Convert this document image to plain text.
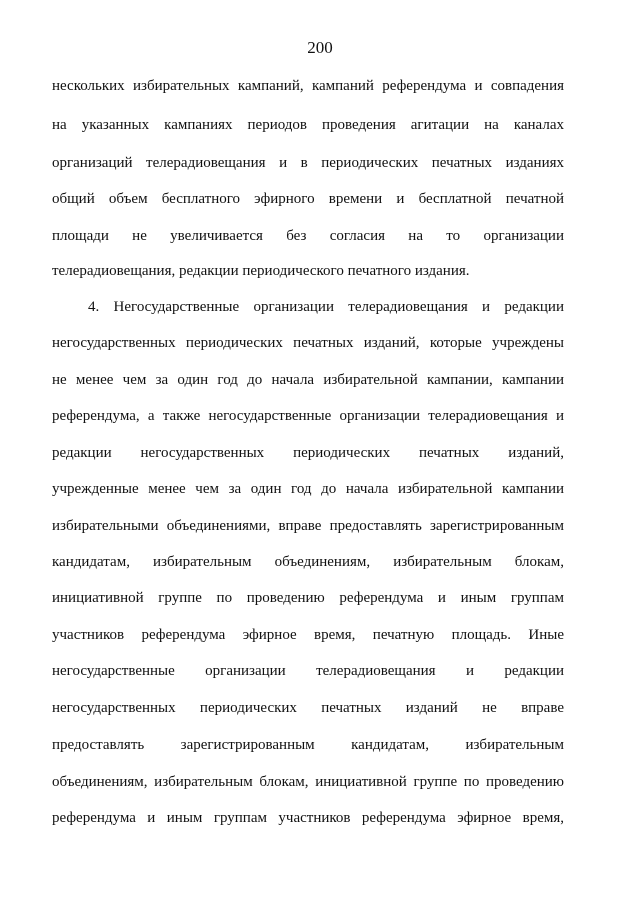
200
нескольких избирательных кампаний, кампаний референдума и совпадения
на указанных кампаниях периодов проведения агитации на каналах
организаций телерадиовещания и в периодических печатных изданиях
общий объем бесплатного эфирного времени и бесплатной печатной
площади не увеличивается без согласия на то организации
телерадиовещания, редакции периодического печатного издания.
4. Негосударственные организации телерадиовещания и редакции
негосударственных периодических печатных изданий, которые учреждены
не менее чем за один год до начала избирательной кампании, кампании
референдума, а также негосударственные организации телерадиовещания и
редакции негосударственных периодических печатных изданий,
учрежденные менее чем за один год до начала избирательной кампании
избирательными объединениями, вправе предоставлять зарегистрированным
кандидатам, избирательным объединениям, избирательным блокам,
инициативной группе по проведению референдума и иным группам
участников референдума эфирное время, печатную площадь. Иные
негосударственные организации телерадиовещания и редакции
негосударственных периодических печатных изданий не вправе
предоставлять зарегистрированным кандидатам, избирательным
объединениям, избирательным блокам, инициативной группе по проведению
референдума и иным группам участников референдума эфирное время,
